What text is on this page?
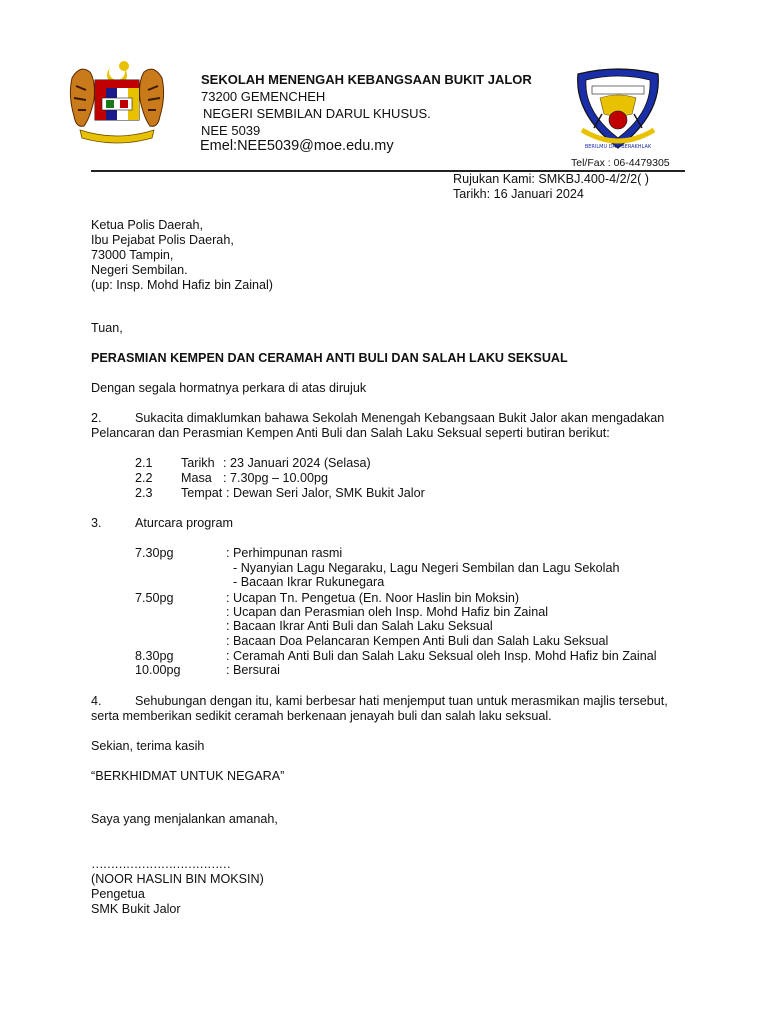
BERILMU DAN BERAKHLAK
SEKOLAH MENENGAH KEBANGSAAN BUKIT JALOR
73200 GEMENCHEH
NEGERI SEMBILAN DARUL KHUSUS.
NEE 5039
Emel:NEE5039@moe.edu.my
Tel/Fax : 06-4479305
Rujukan Kami: SMKBJ.400-4/2/2( )
Tarikh: 16 Januari 2024
Ketua Polis Daerah,
Ibu Pejabat Polis Daerah,
73000 Tampin,
Negeri Sembilan.
(up: Insp. Mohd Hafiz bin Zainal)
Tuan,
PERASMIAN KEMPEN DAN CERAMAH ANTI BULI DAN SALAH LAKU SEKSUAL
Dengan segala hormatnya perkara di atas dirujuk
2.	Sukacita dimaklumkan bahawa Sekolah Menengah Kebangsaan Bukit Jalor akan mengadakan
Pelancaran dan Perasmian Kempen Anti Buli dan Salah Laku Seksual seperti butiran berikut:
2.1 Tarikh : 23 Januari 2024 (Selasa)
2.2 Masa : 7.30pg – 10.00pg
2.3 Tempat : Dewan Seri Jalor, SMK Bukit Jalor
3.	Aturcara program
7.30pg	: Perhimpunan rasmi
- Nyanyian Lagu Negaraku, Lagu Negeri Sembilan dan Lagu Sekolah
- Bacaan Ikrar Rukunegara
7.50pg	: Ucapan Tn. Pengetua (En. Noor Haslin bin Moksin)
: Ucapan dan Perasmian oleh Insp. Mohd Hafiz bin Zainal
: Bacaan Ikrar Anti Buli dan Salah Laku Seksual
: Bacaan Doa Pelancaran Kempen Anti Buli dan Salah Laku Seksual
8.30pg	: Ceramah Anti Buli dan Salah Laku Seksual oleh Insp. Mohd Hafiz bin Zainal
10.00pg	: Bersurai
4.	Sehubungan dengan itu, kami berbesar hati menjemput tuan untuk merasmikan majlis tersebut,
serta memberikan sedikit ceramah berkenaan jenayah buli dan salah laku seksual.
Sekian, terima kasih
“BERKHIDMAT UNTUK NEGARA”
Saya yang menjalankan amanah,
………………………………
(NOOR HASLIN BIN MOKSIN)
Pengetua
SMK Bukit Jalor
